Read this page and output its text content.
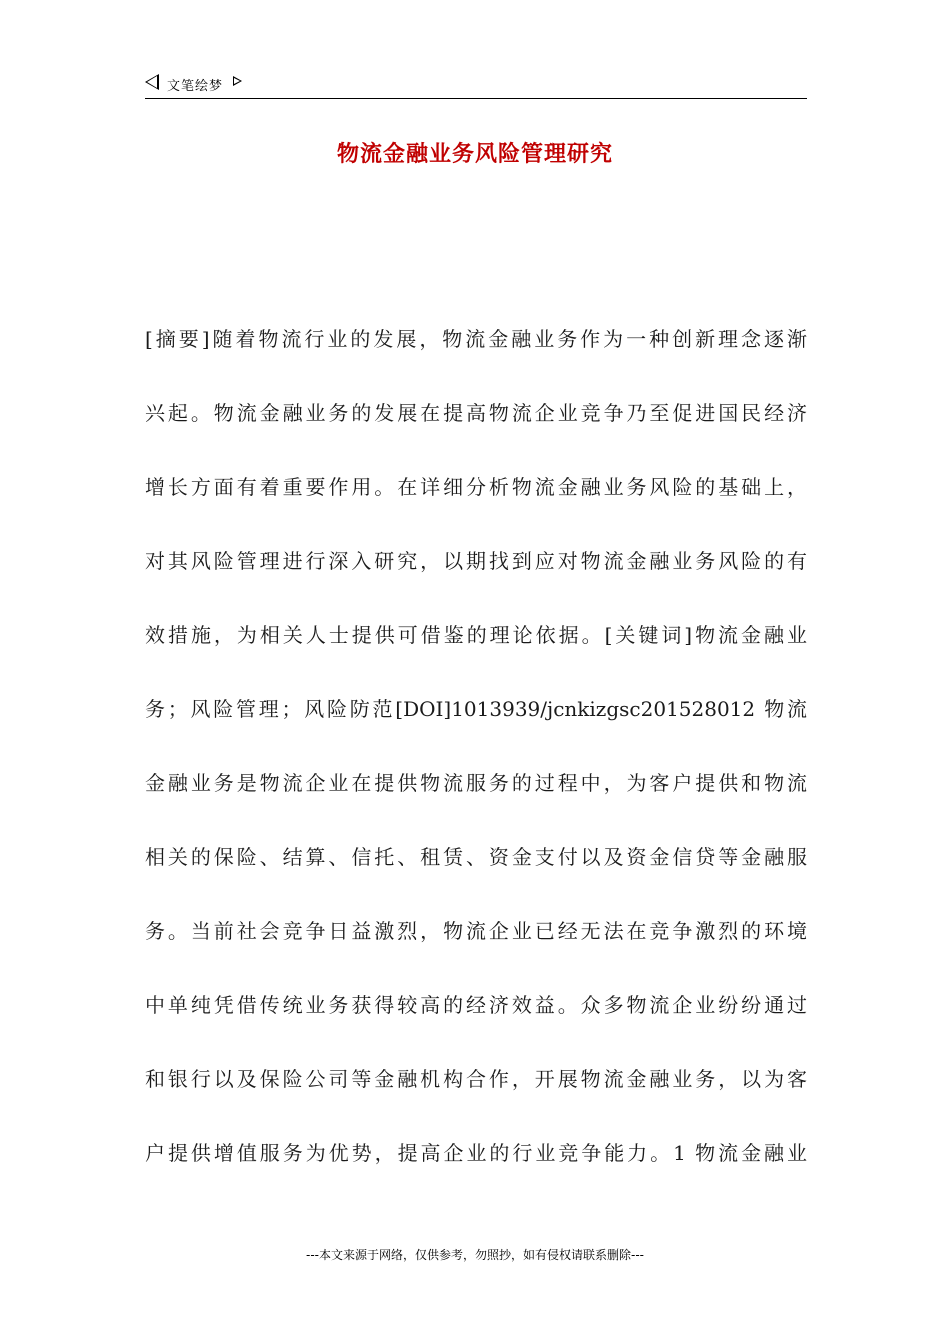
文笔绘梦
物流金融业务风险管理研究
[摘要]随着物流行业的发展，物流金融业务作为一种创新理念逐渐
兴起。物流金融业务的发展在提高物流企业竞争乃至促进国民经济
增长方面有着重要作用。在详细分析物流金融业务风险的基础上，
对其风险管理进行深入研究，以期找到应对物流金融业务风险的有
效措施，为相关人士提供可借鉴的理论依据。[关键词]物流金融业
务；风险管理；风险防范[DOI]1013939/jcnkizgsc201528012 物流
金融业务是物流企业在提供物流服务的过程中，为客户提供和物流
相关的保险、结算、信托、租赁、资金支付以及资金信贷等金融服
务。当前社会竞争日益激烈，物流企业已经无法在竞争激烈的环境
中单纯凭借传统业务获得较高的经济效益。众多物流企业纷纷通过
和银行以及保险公司等金融机构合作，开展物流金融业务，以为客
户提供增值服务为优势，提高企业的行业竞争能力。1 物流金融业
---本文来源于网络，仅供参考，勿照抄，如有侵权请联系删除---
